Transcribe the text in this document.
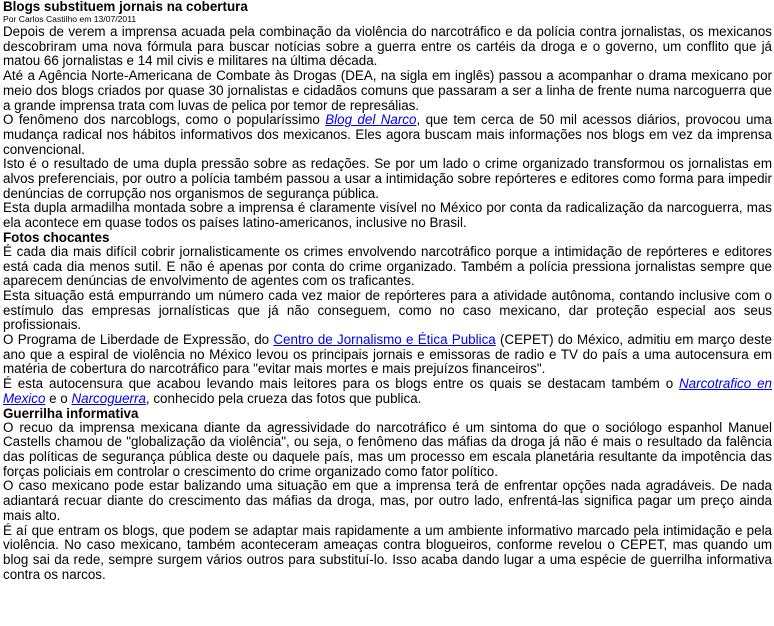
Blogs substituem jornais na cobertura
Por Carlos Castilho em 13/07/2011

Depois de verem a imprensa acuada pela combinação da violência do narcotráfico e da polícia contra jornalistas, os mexicanos descobriram uma nova fórmula para buscar notícias sobre a guerra entre os cartéis da droga e o governo, um conflito que já matou 66 jornalistas e 14 mil civis e militares na última década.

Até a Agência Norte-Americana de Combate às Drogas (DEA, na sigla em inglês) passou a acompanhar o drama mexicano por meio dos blogs criados por quase 30 jornalistas e cidadãos comuns que passaram a ser a linha de frente numa narcoguerra que a grande imprensa trata com luvas de pelica por temor de represálias.

O fenômeno dos narcoblogs, como o popularíssimo Blog del Narco, que tem cerca de 50 mil acessos diários, provocou uma mudança radical nos hábitos informativos dos mexicanos. Eles agora buscam mais informações nos blogs em vez da imprensa convencional.

Isto é o resultado de uma dupla pressão sobre as redações. Se por um lado o crime organizado transformou os jornalistas em alvos preferenciais, por outro a polícia também passou a usar a intimidação sobre repórteres e editores como forma para impedir denúncias de corrupção nos organismos de segurança pública.

Esta dupla armadilha montada sobre a imprensa é claramente visível no México por conta da radicalização da narcoguerra, mas ela acontece em quase todos os países latino-americanos, inclusive no Brasil.

Fotos chocantes

É cada dia mais difícil cobrir jornalisticamente os crimes envolvendo narcotráfico porque a intimidação de repórteres e editores está cada dia menos sutil. E não é apenas por conta do crime organizado. Também a polícia pressiona jornalistas sempre que aparecem denúncias de envolvimento de agentes com os traficantes.

Esta situação está empurrando um número cada vez maior de repórteres para a atividade autônoma, contando inclusive com o estímulo das empresas jornalísticas que já não conseguem, como no caso mexicano, dar proteção especial aos seus profissionais.

O Programa de Liberdade de Expressão, do Centro de Jornalismo e Ética Publica (CEPET) do México, admitiu em março deste ano que a espiral de violência no México levou os principais jornais e emissoras de radio e TV do país a uma autocensura em matéria de cobertura do narcotráfico para "evitar mais mortes e mais prejuízos financeiros".

É esta autocensura que acabou levando mais leitores para os blogs entre os quais se destacam também o Narcotrafico en Mexico e o Narcoguerra, conhecido pela crueza das fotos que publica.

Guerrilha informativa

O recuo da imprensa mexicana diante da agressividade do narcotráfico é um sintoma do que o sociólogo espanhol Manuel Castells chamou de "globalização da violência", ou seja, o fenômeno das máfias da droga já não é mais o resultado da falência das políticas de segurança pública deste ou daquele país, mas um processo em escala planetária resultante da impotência das forças policiais em controlar o crescimento do crime organizado como fator político.

O caso mexicano pode estar balizando uma situação em que a imprensa terá de enfrentar opções nada agradáveis. De nada adiantará recuar diante do crescimento das máfias da droga, mas, por outro lado, enfrentá-las significa pagar um preço ainda mais alto.

É aí que entram os blogs, que podem se adaptar mais rapidamente a um ambiente informativo marcado pela intimidação e pela violência. No caso mexicano, também aconteceram ameaças contra blogueiros, conforme revelou o CEPET, mas quando um blog sai da rede, sempre surgem vários outros para substituí-lo. Isso acaba dando lugar a uma espécie de guerrilha informativa contra os narcos.
